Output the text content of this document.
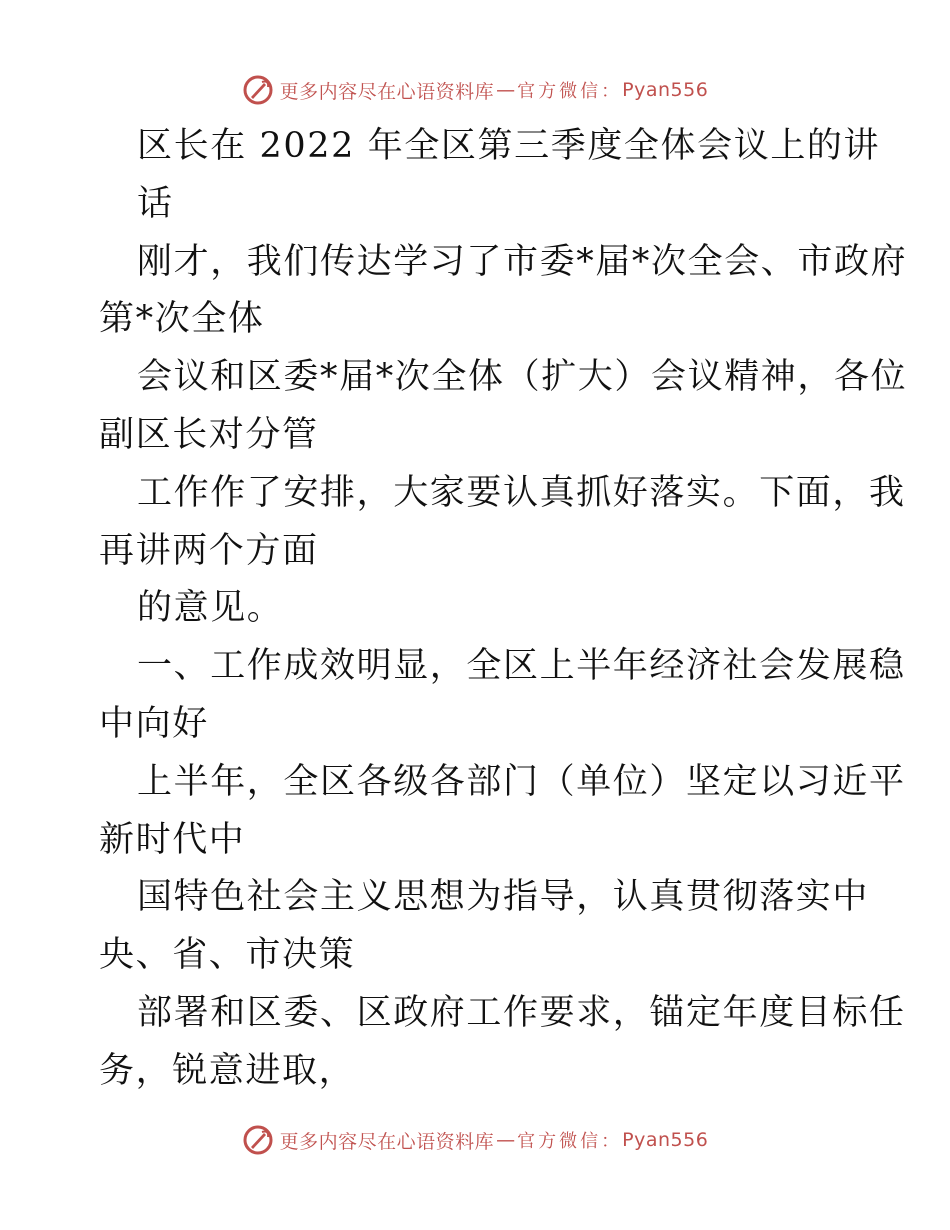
更多内容尽在心语资料库 — 官方微信： Pyan556
区长在 2022 年全区第三季度全体会议上的讲
话
刚才，我们传达学习了市委*届*次全会、市政府
第*次全体
会议和区委*届*次全体（扩大）会议精神，各位
副区长对分管
工作作了安排，大家要认真抓好落实。下面，我
再讲两个方面
的意见。
一、工作成效明显，全区上半年经济社会发展稳
中向好
上半年，全区各级各部门（单位）坚定以习近平
新时代中
国特色社会主义思想为指导，认真贯彻落实中
央、省、市决策
部署和区委、区政府工作要求，锚定年度目标任
务，锐意进取，
更多内容尽在心语资料库 — 官方微信： Pyan556
